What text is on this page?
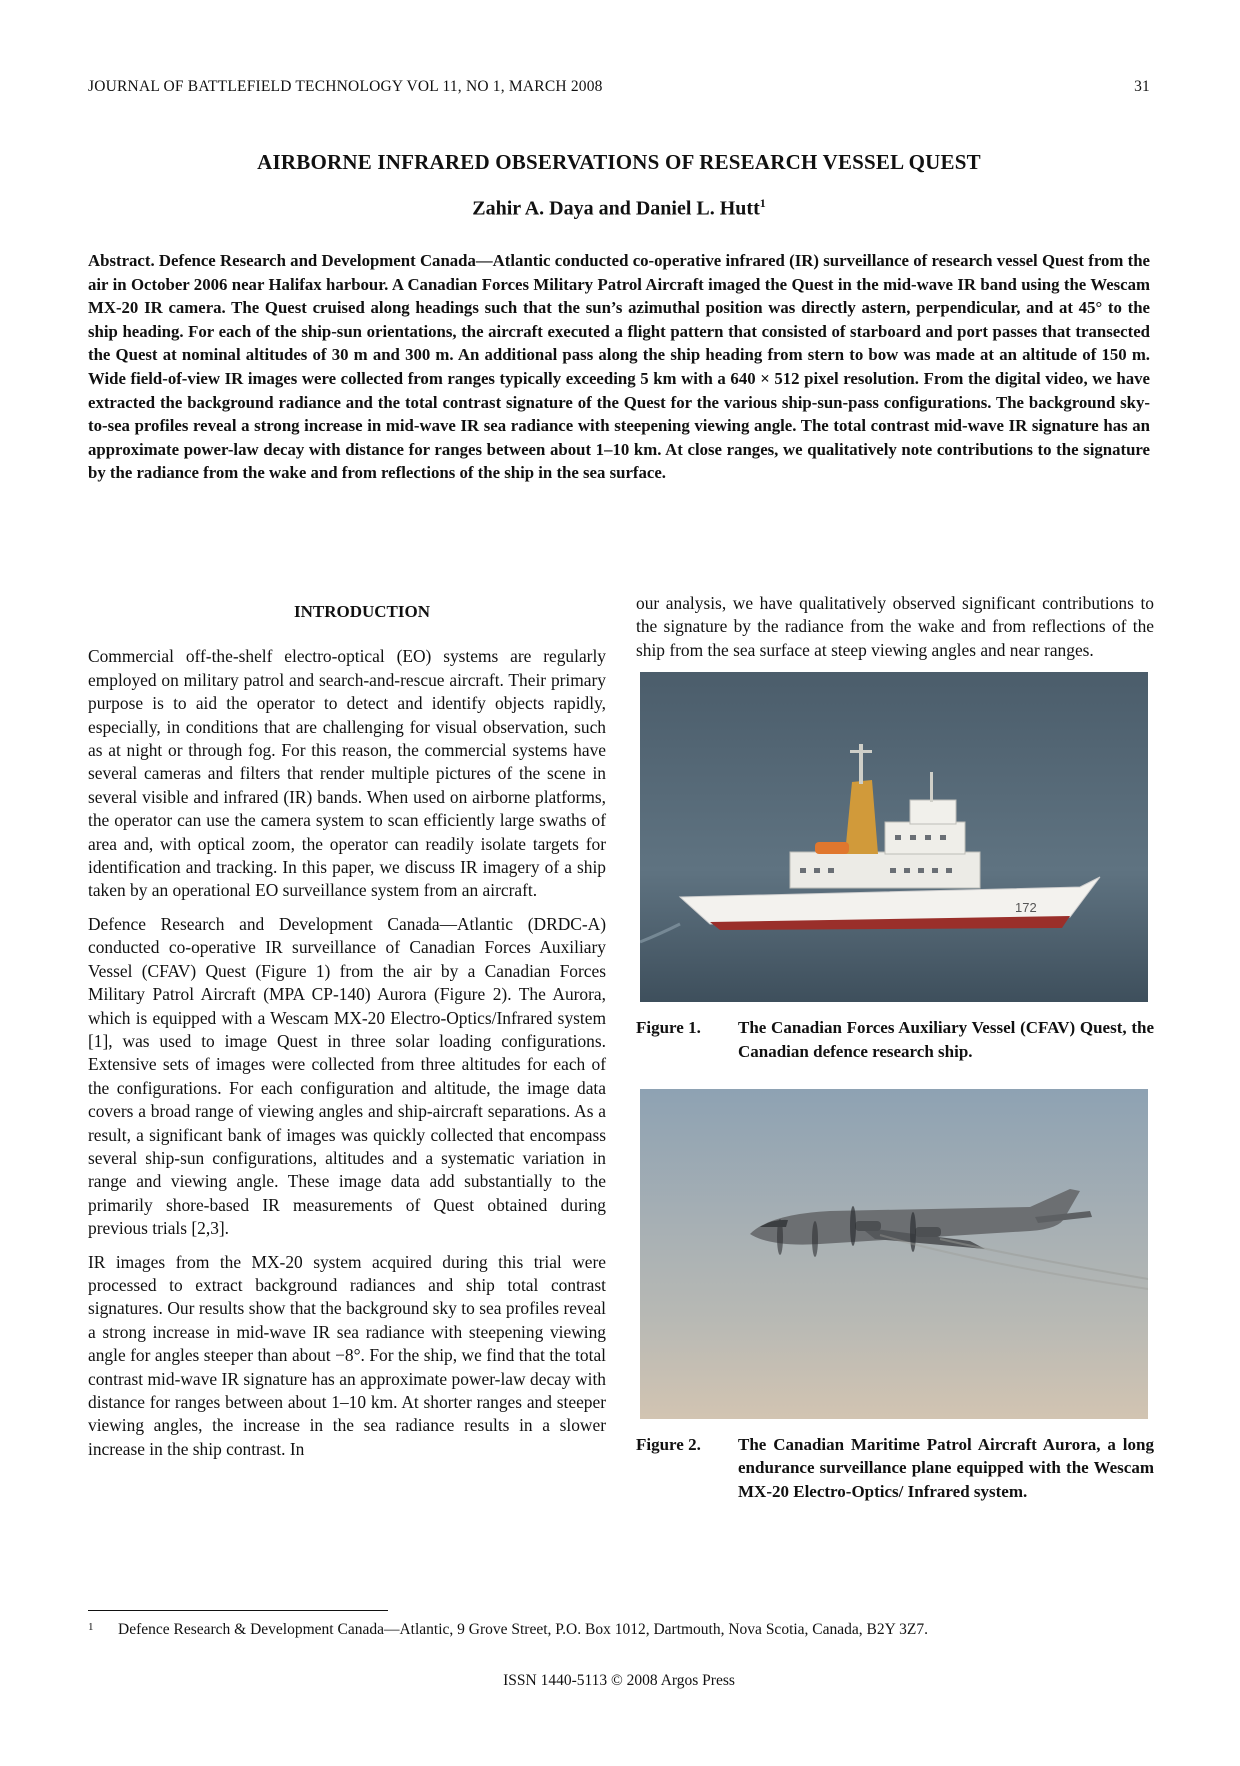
JOURNAL OF BATTLEFIELD TECHNOLOGY VOL 11, NO 1, MARCH 2008	31
AIRBORNE INFRARED OBSERVATIONS OF RESEARCH VESSEL QUEST
Zahir A. Daya and Daniel L. Hutt$^1$

Abstract. Defence Research and Development Canada—Atlantic conducted co-operative infrared (IR) surveillance of research vessel Quest from the air in October 2006 near Halifax harbour. A Canadian Forces Military Patrol Aircraft imaged the Quest in the mid-wave IR band using the Wescam MX-20 IR camera. The Quest cruised along headings such that the sun’s azimuthal position was directly astern, perpendicular, and at 45° to the ship heading. For each of the ship-sun orientations, the aircraft executed a flight pattern that consisted of starboard and port passes that transected the Quest at nominal altitudes of 30 m and 300 m. An additional pass along the ship heading from stern to bow was made at an altitude of 150 m. Wide field-of-view IR images were collected from ranges typically exceeding 5 km with a 640 × 512 pixel resolution. From the digital video, we have extracted the background radiance and the total contrast signature of the Quest for the various ship-sun-pass configurations. The background sky-to-sea profiles reveal a strong increase in mid-wave IR sea radiance with steepening viewing angle. The total contrast mid-wave IR signature has an approximate power-law decay with distance for ranges between about 1–10 km. At close ranges, we qualitatively note contributions to the signature by the radiance from the wake and from reflections of the ship in the sea surface.

INTRODUCTION

Commercial off-the-shelf electro-optical (EO) systems are regularly employed on military patrol and search-and-rescue aircraft. Their primary purpose is to aid the operator to detect and identify objects rapidly, especially, in conditions that are challenging for visual observation, such as at night or through fog. For this reason, the commercial systems have several cameras and filters that render multiple pictures of the scene in several visible and infrared (IR) bands. When used on airborne platforms, the operator can use the camera system to scan efficiently large swaths of area and, with optical zoom, the operator can readily isolate targets for identification and tracking. In this paper, we discuss IR imagery of a ship taken by an operational EO surveillance system from an aircraft.

Defence Research and Development Canada—Atlantic (DRDC-A) conducted co-operative IR surveillance of Canadian Forces Auxiliary Vessel (CFAV) Quest (Figure 1) from the air by a Canadian Forces Military Patrol Aircraft (MPA CP-140) Aurora (Figure 2). The Aurora, which is equipped with a Wescam MX-20 Electro-Optics/Infrared system [1], was used to image Quest in three solar loading configurations. Extensive sets of images were collected from three altitudes for each of the configurations. For each configuration and altitude, the image data covers a broad range of viewing angles and ship-aircraft separations. As a result, a significant bank of images was quickly collected that encompass several ship-sun configurations, altitudes and a systematic variation in range and viewing angle. These image data add substantially to the primarily shore-based IR measurements of Quest obtained during previous trials [2,3].

IR images from the MX-20 system acquired during this trial were processed to extract background radiances and ship total contrast signatures. Our results show that the background sky to sea profiles reveal a strong increase in mid-wave IR sea radiance with steepening viewing angle for angles steeper than about −8°. For the ship, we find that the total contrast mid-wave IR signature has an approximate power-law decay with distance for ranges between about 1–10 km. At shorter ranges and steeper viewing angles, the increase in the sea radiance results in a slower increase in the ship contrast. In

our analysis, we have qualitatively observed significant contributions to the signature by the radiance from the wake and from reflections of the ship from the sea surface at steep viewing angles and near ranges.

172
Figure 1.	The Canadian Forces Auxiliary Vessel (CFAV) Quest, the Canadian defence research ship.
Figure 2.	The Canadian Maritime Patrol Aircraft Aurora, a long endurance surveillance plane equipped with the Wescam MX-20 Electro-Optics/ Infrared system.
1	Defence Research & Development Canada—Atlantic, 9 Grove Street, P.O. Box 1012, Dartmouth, Nova Scotia, Canada, B2Y 3Z7.
ISSN 1440-5113 © 2008 Argos Press
